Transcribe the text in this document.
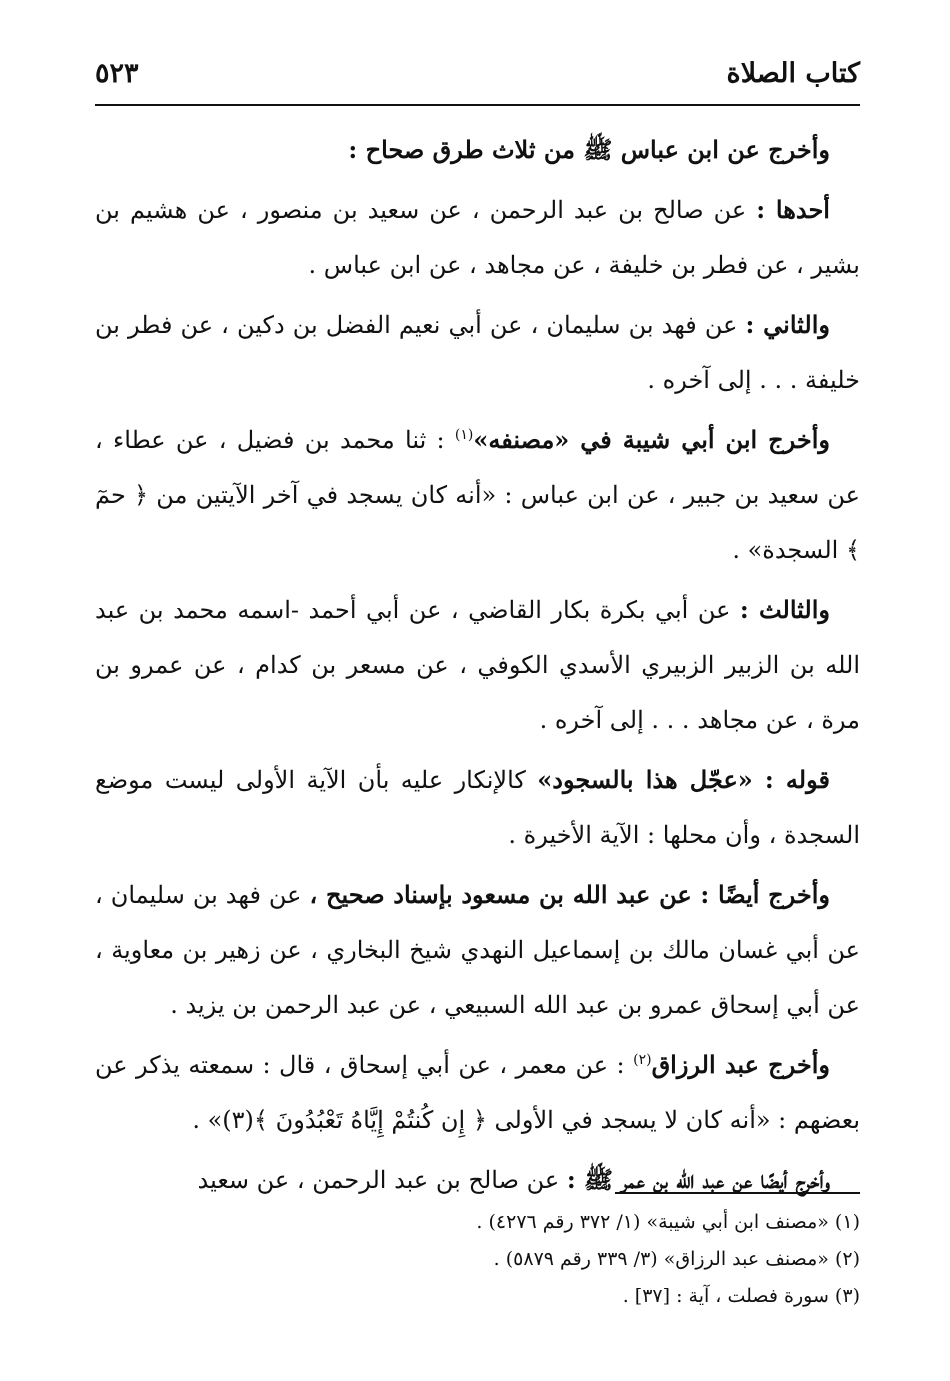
كتاب الصلاة
٥٢٣

وأخرج عن ابن عباس ﷺ من ثلاث طرق صحاح :

أحدها : عن صالح بن عبد الرحمن ، عن سعيد بن منصور ، عن هشيم بن بشير ، عن فطر بن خليفة ، عن مجاهد ، عن ابن عباس .

والثاني : عن فهد بن سليمان ، عن أبي نعيم الفضل بن دكين ، عن فطر بن خليفة . . . إلى آخره .

وأخرج ابن أبي شيبة في «مصنفه»$^{(١)}$ : ثنا محمد بن فضيل ، عن عطاء ، عن سعيد بن جبير ، عن ابن عباس : «أنه كان يسجد في آخر الآيتين من ﴿ حمٓ ﴾ السجدة» .

والثالث : عن أبي بكرة بكار القاضي ، عن أبي أحمد -اسمه محمد بن عبد الله بن الزبير الزبيري الأسدي الكوفي ، عن مسعر بن كدام ، عن عمرو بن مرة ، عن مجاهد . . . إلى آخره .

قوله : «عجّل هذا بالسجود» كالإنكار عليه بأن الآية الأولى ليست موضع السجدة ، وأن محلها : الآية الأخيرة .

وأخرج أيضًا : عن عبد الله بن مسعود بإسناد صحيح ، عن فهد بن سليمان ، عن أبي غسان مالك بن إسماعيل النهدي شيخ البخاري ، عن زهير بن معاوية ، عن أبي إسحاق عمرو بن عبد الله السبيعي ، عن عبد الرحمن بن يزيد .

وأخرج عبد الرزاق$^{(٢)}$ : عن معمر ، عن أبي إسحاق ، قال : سمعته يذكر عن بعضهم : «أنه كان لا يسجد في الأولى ﴿ إِن كُنتُمْ إِيَّاهُ تَعْبُدُونَ ﴾(٣)» .

وأخرج أيضًا عن عبد الله بن عمر ﷺ : عن صالح بن عبد الرحمن ، عن سعيد

(١) «مصنف ابن أبي شيبة» (١/ ٣٧٢ رقم ٤٢٧٦) .
(٢) «مصنف عبد الرزاق» (٣/ ٣٣٩ رقم ٥٨٧٩) .
(٣) سورة فصلت ، آية : [٣٧] .
